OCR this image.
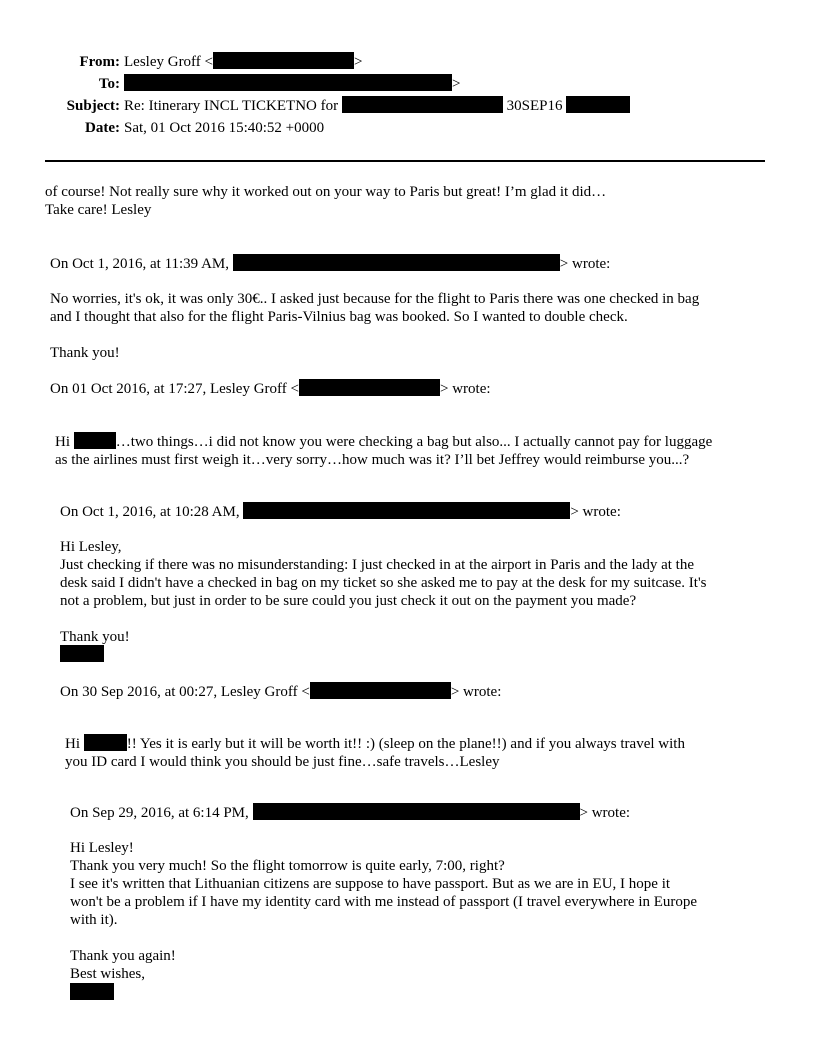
From: Lesley Groff <	>
To:	>
Subject: Re: Itinerary INCL TICKETNO for	30SEP16
Date: Sat, 01 Oct 2016 15:40:52 +0000

of course! Not really sure why it worked out on your way to Paris but great! I’m glad it did…

Take care! Lesley

On Oct 1, 2016, at 11:39 AM,	> wrote:

No worries, it's ok, it was only 30€.. I asked just because for the flight to Paris there was one checked in bag

and I thought that also for the flight Paris-Vilnius bag was booked. So I wanted to double check.

Thank you!
On 01 Oct 2016, at 17:27, Lesley Groff <	> wrote:

Hi	…two things…i did not know you were checking a bag but also... I actually cannot pay for luggage

as the airlines must first weigh it…very sorry…how much was it? I’ll bet Jeffrey would reimburse you...?

On Oct 1, 2016, at 10:28 AM,	> wrote:

Hi Lesley,

Just checking if there was no misunderstanding: I just checked in at the airport in Paris and the lady at the

desk said I didn't have a checked in bag on my ticket so she asked me to pay at the desk for my suitcase. It's

not a problem, but just in order to be sure could you just check it out on the payment you made?

Thank you!
On 30 Sep 2016, at 00:27, Lesley Groff <	> wrote:

Hi	!! Yes it is early but it will be worth it!! :) (sleep on the plane!!) and if you always travel with

you ID card I would think you should be just fine…safe travels…Lesley

On Sep 29, 2016, at 6:14 PM,	> wrote:

Hi Lesley!

Thank you very much! So the flight tomorrow is quite early, 7:00, right?

I see it's written that Lithuanian citizens are suppose to have passport. But as we are in EU, I hope it

won't be a problem if I have my identity card with me instead of passport (I travel everywhere in Europe

with it).

Thank you again!

Best wishes,
